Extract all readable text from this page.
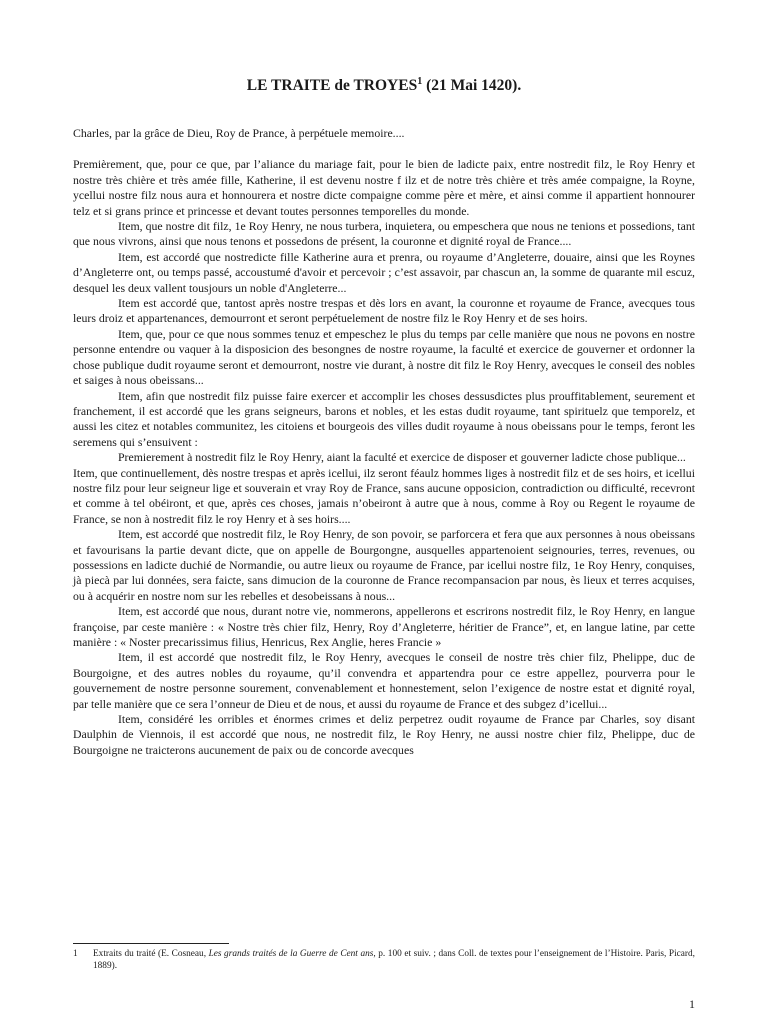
LE TRAITE de TROYES$^1$ (21 Mai 1420).

Charles, par la grâce de Dieu, Roy de Prance, à perpétuele memoire....

Premièrement, que, pour ce que, par l’aliance du mariage fait, pour le bien de ladicte paix, entre nostredit filz, le Roy Henry et nostre très chière et très amée fille, Katherine, il est devenu nostre f ilz et de notre très chière et très amée compaigne, la Royne, ycellui nostre filz nous aura et honnourera et nostre dicte compaigne comme père et mère, et ainsi comme il appartient honnourer telz et si grans prince et princesse et devant toutes personnes temporelles du monde.

Item, que nostre dit filz, 1e Roy Henry, ne nous turbera, inquietera, ou empeschera que nous ne tenions et possedions, tant que nous vivrons, ainsi que nous tenons et possedons de présent, la couronne et dignité royal de France....

Item, est accordé que nostredicte fille Katherine aura et prenra, ou royaume d’Angleterre, douaire, ainsi que les Roynes d’Angleterre ont, ou temps passé, accoustumé d'avoir et percevoir ; c’est assavoir, par chascun an, la somme de quarante mil escuz, desquel les deux vallent tousjours un noble d'Angleterre...

Item est accordé que, tantost après nostre trespas et dès lors en avant, la couronne et royaume de France, avecques tous leurs droiz et appartenances, demourront et seront perpétuelement de nostre filz le Roy Henry et de ses hoirs.

Item, que, pour ce que nous sommes tenuz et empeschez le plus du temps par celle manière que nous ne povons en nostre personne entendre ou vaquer à la disposicion des besongnes de nostre royaume, la faculté et exercice de gouverner et ordonner la chose publique dudit royaume seront et demourront, nostre vie durant, à nostre dit filz le Roy Henry, avecques le conseil des nobles et saiges à nous obeissans...

Item, afin que nostredit filz puisse faire exercer et accomplir les choses dessusdictes plus prouffitablement, seurement et franchement, il est accordé que les grans seigneurs, barons et nobles, et les estas dudit royaume, tant spirituelz que temporelz, et aussi les citez et notables communitez, les citoiens et bourgeois des villes dudit royaume à nous obeissans pour le temps, feront les seremens qui s’ensuivent :

Premierement à nostredit filz le Roy Henry, aiant la faculté et exercice de disposer et gouverner ladicte chose publique...

Item, que continuellement, dès nostre trespas et après icellui, ilz seront féaulz hommes liges à nostredit filz et de ses hoirs, et icellui nostre filz pour leur seigneur lige et souverain et vray Roy de France, sans aucune opposicion, contradiction ou difficulté, recevront et comme à tel obéiront, et que, après ces choses, jamais n’obeiront à autre que à nous, comme à Roy ou Regent le royaume de France, se non à nostredit filz le roy Henry et à ses hoirs....

Item, est accordé que nostredit filz, le Roy Henry, de son povoir, se parforcera et fera que aux personnes à nous obeissans et favourisans la partie devant dicte, que on appelle de Bourgongne, ausquelles appartenoient seignouries, terres, revenues, ou possessions en ladicte duchié de Normandie, ou autre lieux ou royaume de France, par icellui nostre filz, 1e Roy Henry, conquises, jà piecà par lui données, sera faicte, sans dimucion de la couronne de France recompansacion par nous, ès lieux et terres acquises, ou à acquérir en nostre nom sur les rebelles et desobeissans à nous...

Item, est accordé que nous, durant notre vie, nommerons, appellerons et escrirons nostredit filz, le Roy Henry, en langue françoise, par ceste manière : « Nostre très chier filz, Henry, Roy d’Angleterre, héritier de France”, et, en langue latine, par cette manière : « Noster precarissimus filius, Henricus, Rex Anglie, heres Francie »

Item, il est accordé que nostredit filz, le Roy Henry, avecques le conseil de nostre très chier filz, Phelippe, duc de Bourgoigne, et des autres nobles du royaume, qu’il convendra et appartendra pour ce estre appellez, pourverra pour le gouvernement de nostre personne sourement, convenablement et honnestement, selon l’exigence de nostre estat et dignité royal, par telle manière que ce sera l’onneur de Dieu et de nous, et aussi du royaume de France et des subgez d’icellui...

Item, considéré les orribles et énormes crimes et deliz perpetrez oudit royaume de France par Charles, soy disant Daulphin de Viennois, il est accordé que nous, ne nostredit filz, le Roy Henry, ne aussi nostre chier filz, Phelippe, duc de Bourgoigne ne traicterons aucunement de paix ou de concorde avecques

1	Extraits du traité (E. Cosneau, Les grands traités de la Guerre de Cent ans, p. 100 et suiv. ; dans Coll. de textes pour l’enseignement de l’Histoire. Paris, Picard, 1889).
1
